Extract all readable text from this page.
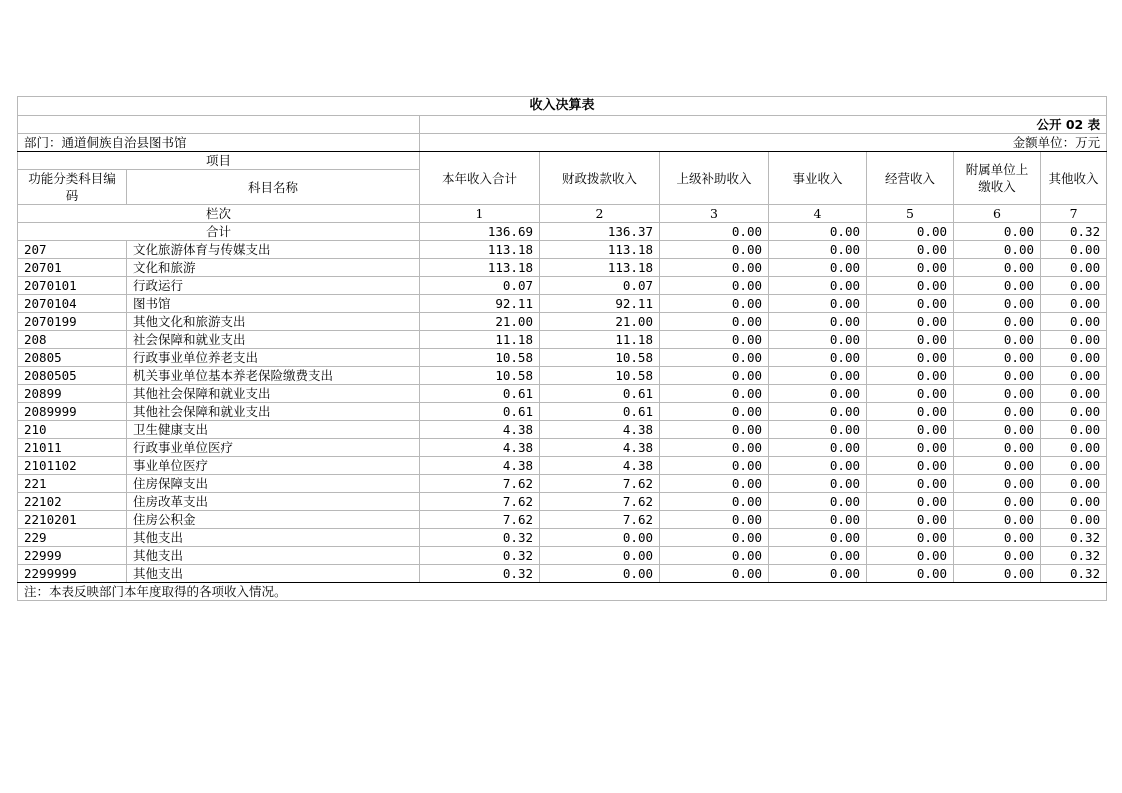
收入决算表								
		公开 02 表						
部门：通道侗族自治县图书馆		金额单位：万元						
项目		本年收入合计	财政拨款收入	上级补助收入	事业收入	经营收入	附属单位上缴收入	其他收入
功能分类科目编码	科目名称							
栏次		1	2	3	4	5	6	7
合计		136.69	136.37	0.00	0.00	0.00	0.00	0.32
207	文化旅游体育与传媒支出	113.18	113.18	0.00	0.00	0.00	0.00	0.00
20701	文化和旅游	113.18	113.18	0.00	0.00	0.00	0.00	0.00
2070101	行政运行	0.07	0.07	0.00	0.00	0.00	0.00	0.00
2070104	图书馆	92.11	92.11	0.00	0.00	0.00	0.00	0.00
2070199	其他文化和旅游支出	21.00	21.00	0.00	0.00	0.00	0.00	0.00
208	社会保障和就业支出	11.18	11.18	0.00	0.00	0.00	0.00	0.00
20805	行政事业单位养老支出	10.58	10.58	0.00	0.00	0.00	0.00	0.00
2080505	机关事业单位基本养老保险缴费支出	10.58	10.58	0.00	0.00	0.00	0.00	0.00
20899	其他社会保障和就业支出	0.61	0.61	0.00	0.00	0.00	0.00	0.00
2089999	其他社会保障和就业支出	0.61	0.61	0.00	0.00	0.00	0.00	0.00
210	卫生健康支出	4.38	4.38	0.00	0.00	0.00	0.00	0.00
21011	行政事业单位医疗	4.38	4.38	0.00	0.00	0.00	0.00	0.00
2101102	事业单位医疗	4.38	4.38	0.00	0.00	0.00	0.00	0.00
221	住房保障支出	7.62	7.62	0.00	0.00	0.00	0.00	0.00
22102	住房改革支出	7.62	7.62	0.00	0.00	0.00	0.00	0.00
2210201	住房公积金	7.62	7.62	0.00	0.00	0.00	0.00	0.00
229	其他支出	0.32	0.00	0.00	0.00	0.00	0.00	0.32
22999	其他支出	0.32	0.00	0.00	0.00	0.00	0.00	0.32
2299999	其他支出	0.32	0.00	0.00	0.00	0.00	0.00	0.32
注：本表反映部门本年度取得的各项收入情况。								
